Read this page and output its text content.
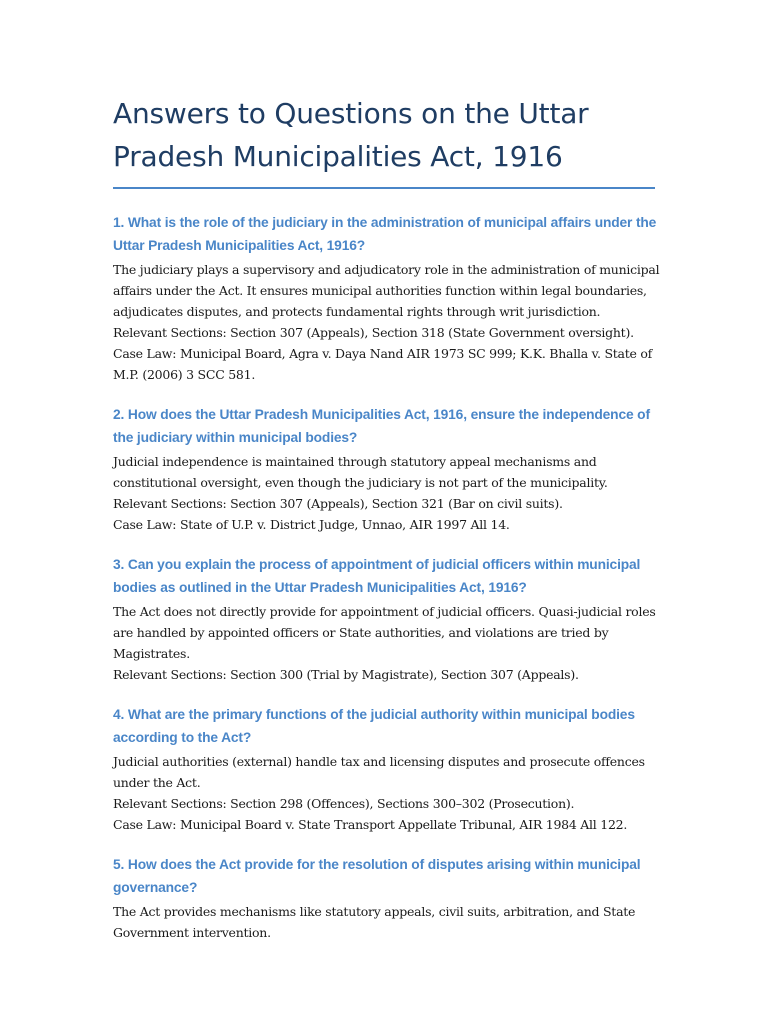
Answers to Questions on the Uttar Pradesh Municipalities Act, 1916
1. What is the role of the judiciary in the administration of municipal affairs under the Uttar Pradesh Municipalities Act, 1916?

The judiciary plays a supervisory and adjudicatory role in the administration of municipal affairs under the Act. It ensures municipal authorities function within legal boundaries, adjudicates disputes, and protects fundamental rights through writ jurisdiction.

Relevant Sections: Section 307 (Appeals), Section 318 (State Government oversight).

Case Law: Municipal Board, Agra v. Daya Nand AIR 1973 SC 999; K.K. Bhalla v. State of M.P. (2006) 3 SCC 581.

2. How does the Uttar Pradesh Municipalities Act, 1916, ensure the independence of the judiciary within municipal bodies?

Judicial independence is maintained through statutory appeal mechanisms and constitutional oversight, even though the judiciary is not part of the municipality.

Relevant Sections: Section 307 (Appeals), Section 321 (Bar on civil suits).

Case Law: State of U.P. v. District Judge, Unnao, AIR 1997 All 14.

3. Can you explain the process of appointment of judicial officers within municipal bodies as outlined in the Uttar Pradesh Municipalities Act, 1916?

The Act does not directly provide for appointment of judicial officers. Quasi-judicial roles are handled by appointed officers or State authorities, and violations are tried by Magistrates.

Relevant Sections: Section 300 (Trial by Magistrate), Section 307 (Appeals).

4. What are the primary functions of the judicial authority within municipal bodies according to the Act?

Judicial authorities (external) handle tax and licensing disputes and prosecute offences under the Act.

Relevant Sections: Section 298 (Offences), Sections 300–302 (Prosecution).

Case Law: Municipal Board v. State Transport Appellate Tribunal, AIR 1984 All 122.

5. How does the Act provide for the resolution of disputes arising within municipal governance?

The Act provides mechanisms like statutory appeals, civil suits, arbitration, and State Government intervention.
